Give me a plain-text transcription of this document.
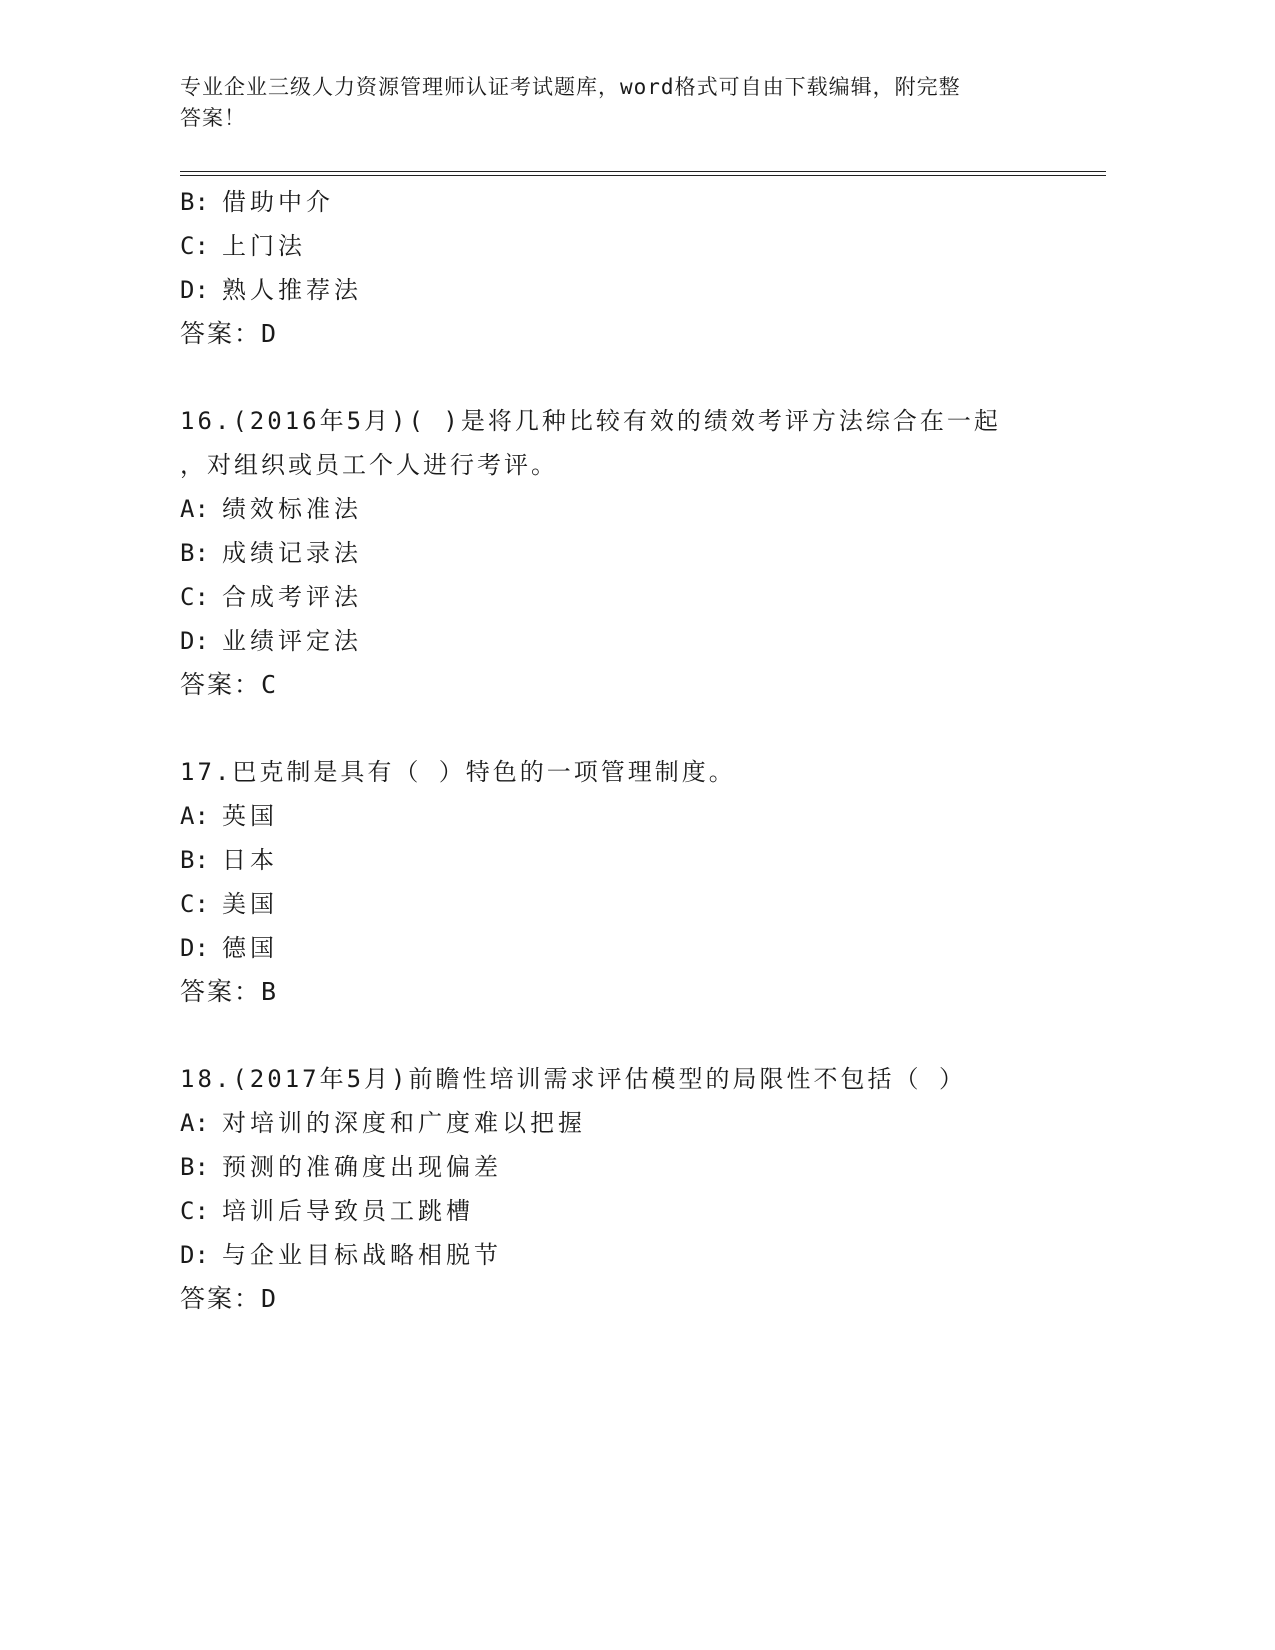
专业企业三级人力资源管理师认证考试题库，word格式可自由下载编辑，附完整
答案！
B: 借助中介
C: 上门法
D: 熟人推荐法
答案：D
16.(2016年5月)( )是将几种比较有效的绩效考评方法综合在一起
，对组织或员工个人进行考评。
A: 绩效标准法
B: 成绩记录法
C: 合成考评法
D: 业绩评定法
答案：C
17.巴克制是具有（ ）特色的一项管理制度。
A: 英国
B: 日本
C: 美国
D: 德国
答案：B
18.(2017年5月)前瞻性培训需求评估模型的局限性不包括（ ）
A: 对培训的深度和广度难以把握
B: 预测的准确度出现偏差
C: 培训后导致员工跳槽
D: 与企业目标战略相脱节
答案：D
